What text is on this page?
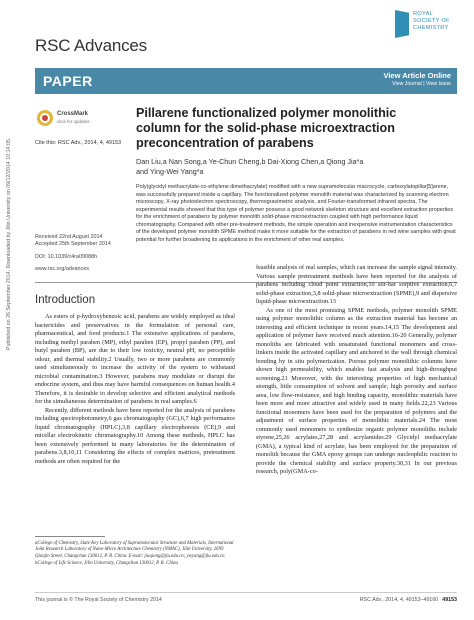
Published on 26 September 2014. Downloaded by Jilin University on 09/12/2014 10:14:05.
RSC Advances
ROYAL SOCIETY OF CHEMISTRY
PAPER	View Article Online
View Journal | View Issue
CrossMark
click for updates
Cite this: RSC Adv., 2014, 4, 49153
Received 22nd August 2014
Accepted 25th September 2014
DOI: 10.1039/c4ra09088h
www.rsc.org/advances
Pillarene functionalized polymer monolithic column for the solid-phase microextraction preconcentration of parabens
Dan Liu,a Nan Song,a Ye-Chun Cheng,b Dai-Xiong Chen,a Qiong Jia*a
and Ying-Wei Yang*a

Poly(glycidyl methacrylate-co-ethylene dimethacrylate) modified with a new supramolecular macrocycle, carboxylatopillar[5]arene, was successfully prepared inside a capillary. The functionalized polymer monolith material was characterized by scanning electron microscopy, X-ray photoelectron spectroscopy, thermogravimetric analysis, and Fourier-transformed infrared spectra. The experimental results showed that this type of polymer possess a good network skeleton structure and excellent extraction properties for the enrichment of parabens by polymer monolith solid-phase microextraction coupled with high performance liquid chromatography. Compared with other pre-treatment methods, the simple operation and inexpensive instrumentation characteristics of the developed polymer monolith SPME method make it more suitable for the extraction of parabens in red wine samples with great potential for further broadening its applications in the enrichment of other real samples.

Introduction

As esters of p-hydroxybenzoic acid, parabens are widely employed as ideal bactericides and preservatives in the formulation of personal care, pharmaceutical, and food products.1 The extensive applications of parabens, including methyl paraben (MP), ethyl paraben (EP), propyl paraben (PP), and butyl paraben (BP), are due to their low toxicity, neutral pH, no perceptible odour, and thermal stability.2 Usually, two or more parabens are commonly used simultaneously to increase the activity of the system to withstand microbial contamination.3 However, parabens may modulate or disrupt the endocrine system, and thus may have harmful consequences on human health.4 Therefore, it is desirable to develop selective and efficient analytical methods for the simultaneous determination of parabens in real samples.6

Recently, different methods have been reported for the analysis of parabens including spectrophotometry,6 gas chromatography (GC),6,7 high performance liquid chromatography (HPLC),3,8 capillary electrophoresis (CE),9 and micellar electrokinetic chromatography.10 Among these methods, HPLC has been extensively performed in many laboratories for the determination of parabens.3,8,10,11 Considering the effects of complex matrices, pretreatment methods are often required for the

feasible analysis of real samples, which can increase the sample signal intensity. Various sample pretreatment methods have been reported for the analysis of parabens including cloud point extraction,10 stir-bar sorptive extraction,6,7 solid-phase extraction,3,8 solid-phase microextraction (SPME),9 and dispersive liquid-phase microextraction.13

As one of the most promising SPME methods, polymer monolith SPME using polymer monolithic column as the extraction material has become an interesting and efficient technique in recent years.14,15 The development and application of polymer have received much attention.16-20 Generally, polymer monoliths are fabricated with unsaturated functional monomers and cross-linkers inside the activated capillary and anchored to the wall through chemical bonding by in situ polymerization. Porous polymer monolithic columns have shown high permeability, which enables fast analysis and high-throughput screening.21 Moreover, with the interesting properties of high mechanical strength, little consumption of solvent and sample, high porosity and surface area, low flow-resistance, and high binding capacity, monolithic materials have been more and more attractive and widely used in many fields.22,23 Various functional monomers have been used for the preparation of polymers and the adjustment of surface properties of monolithic materials.24 The most commonly used monomers to synthesize organic polymer monoliths include styrene,25,26 acrylates,27,28 and acrylamides.29 Glycidyl methacrylate (GMA), a typical kind of acrylate, has been employed for the preparation of monolith because the GMA epoxy groups can undergo nucleophilic reaction to provide the chemical stability and surface property.30,31 In our previous research, poly(GMA-co-

aCollege of Chemistry, State Key Laboratory of Supramolecular Structure and Materials, International Joint Research Laboratory of Nano-Micro Architecture Chemistry (NMAC), Jilin University, 2699 Qianjin Street, Changchun 130012, P. R. China. E-mail: jiaqiong@jlu.edu.cn; ywyang@jlu.edu.cn

bCollege of Life Science, Jilin University, Changchun 130012, P. R. China

This journal is © The Royal Society of Chemistry 2014	RSC Adv., 2014, 4, 49153–49160 49153
